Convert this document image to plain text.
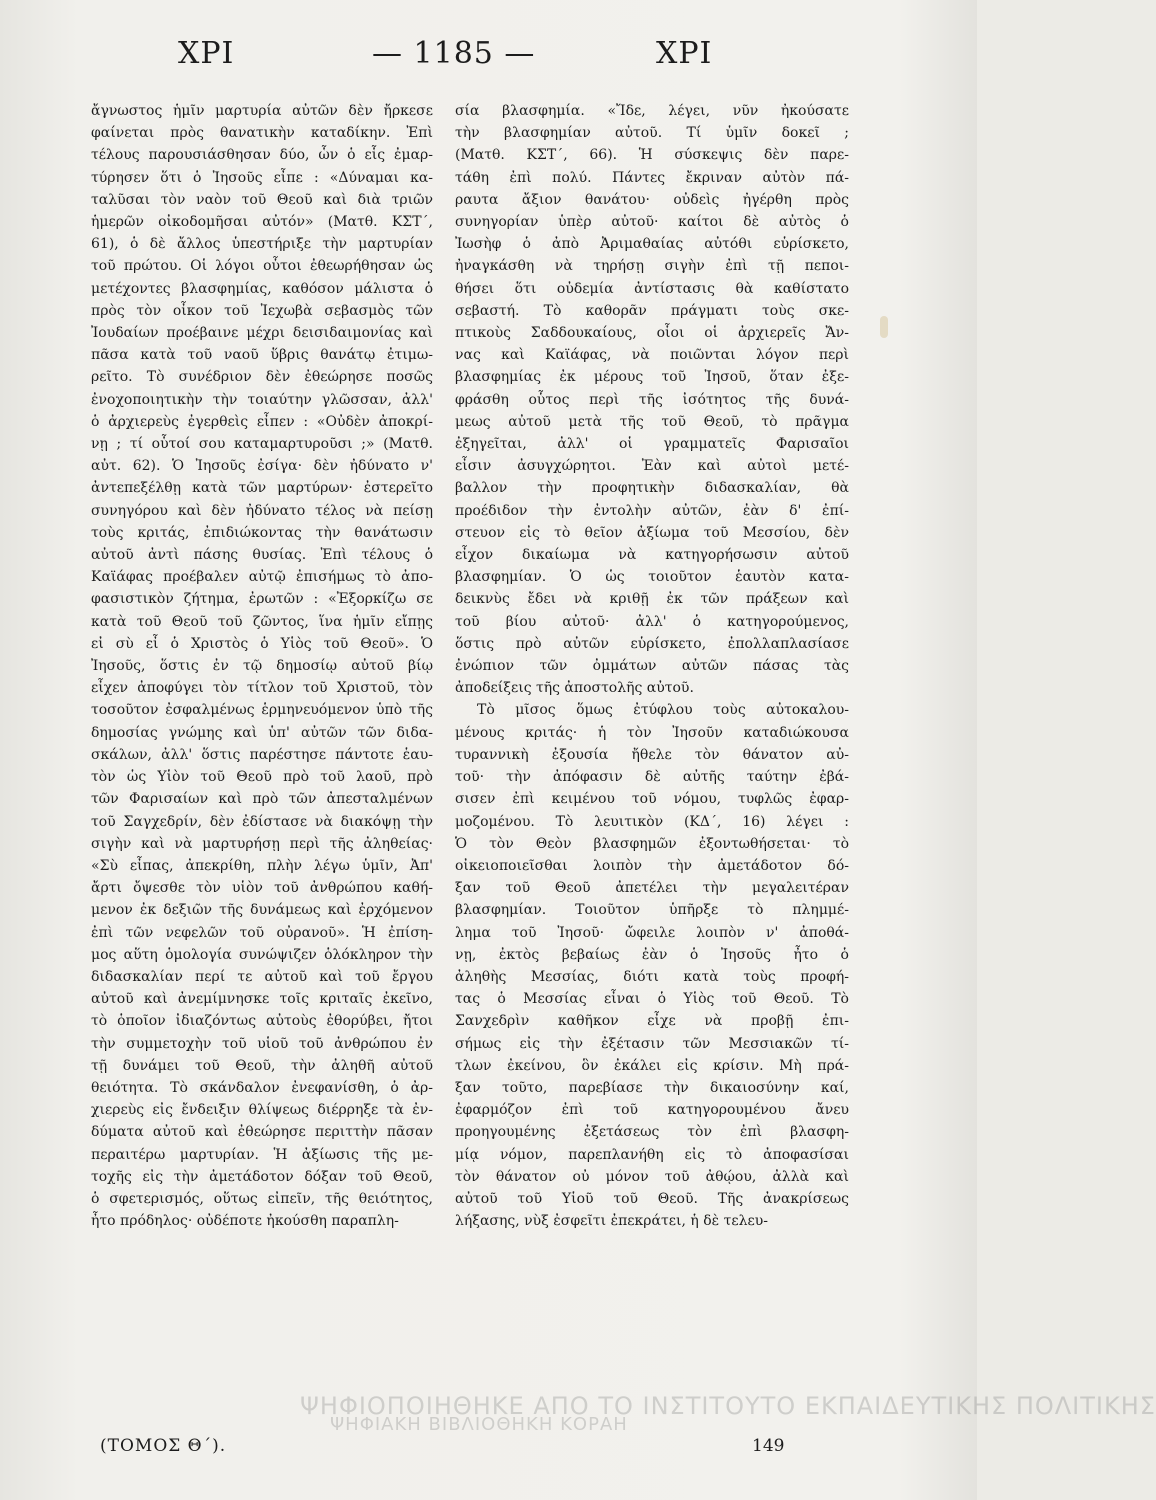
ΧΡΙ	— 1185 —	ΧΡΙ
ἄγνωστος ἡμῖν μαρτυρία αὐτῶν δὲν ἤρκεσε
φαίνεται πρὸς θανατικὴν καταδίκην. Ἐπὶ
τέλους παρουσιάσθησαν δύο, ὧν ὁ εἷς ἐμαρ-
τύρησεν ὅτι ὁ Ἰησοῦς εἶπε : «Δύναμαι κα-
ταλῦσαι τὸν ναὸν τοῦ Θεοῦ καὶ διὰ τριῶν
ἡμερῶν οἰκοδομῆσαι αὐτόν» (Ματθ. ΚΣΤ΄,
61), ὁ δὲ ἄλλος ὑπεστήριξε τὴν μαρτυρίαν
τοῦ πρώτου. Οἱ λόγοι οὗτοι ἐθεωρήθησαν ὡς
μετέχοντες βλασφημίας, καθόσον μάλιστα ὁ
πρὸς τὸν οἶκον τοῦ Ἰεχωβὰ σεβασμὸς τῶν
Ἰουδαίων προέβαινε μέχρι δεισιδαιμονίας καὶ
πᾶσα κατὰ τοῦ ναοῦ ὕβρις θανάτῳ ἐτιμω-
ρεῖτο. Τὸ συνέδριον δὲν ἐθεώρησε ποσῶς
ἐνοχοποιητικὴν τὴν τοιαύτην γλῶσσαν, ἀλλ'
ὁ ἀρχιερεὺς ἐγερθεὶς εἶπεν : «Οὐδὲν ἀποκρί-
νῃ ; τί οὗτοί σου καταμαρτυροῦσι ;» (Ματθ.
αὐτ. 62). Ὁ Ἰησοῦς ἐσίγα· δὲν ἠδύνατο ν'
ἀντεπεξέλθῃ κατὰ τῶν μαρτύρων· ἐστερεῖτο
συνηγόρου καὶ δὲν ἠδύνατο τέλος νὰ πείσῃ
τοὺς κριτάς, ἐπιδιώκοντας τὴν θανάτωσιν
αὐτοῦ ἀντὶ πάσης θυσίας. Ἐπὶ τέλους ὁ
Καϊάφας προέβαλεν αὐτῷ ἐπισήμως τὸ ἀπο-
φασιστικὸν ζήτημα, ἐρωτῶν : «Ἐξορκίζω σε
κατὰ τοῦ Θεοῦ τοῦ ζῶντος, ἵνα ἡμῖν εἴπῃς
εἰ σὺ εἶ ὁ Χριστὸς ὁ Υἱὸς τοῦ Θεοῦ». Ὁ
Ἰησοῦς, ὅστις ἐν τῷ δημοσίῳ αὐτοῦ βίῳ
εἶχεν ἀποφύγει τὸν τίτλον τοῦ Χριστοῦ, τὸν
τοσοῦτον ἐσφαλμένως ἑρμηνευόμενον ὑπὸ τῆς
δημοσίας γνώμης καὶ ὑπ' αὐτῶν τῶν διδα-
σκάλων, ἀλλ' ὅστις παρέστησε πάντοτε ἑαυ-
τὸν ὡς Υἱὸν τοῦ Θεοῦ πρὸ τοῦ λαοῦ, πρὸ
τῶν Φαρισαίων καὶ πρὸ τῶν ἀπεσταλμένων
τοῦ Σαγχεδρίν, δὲν ἐδίστασε νὰ διακόψῃ τὴν
σιγὴν καὶ νὰ μαρτυρήσῃ περὶ τῆς ἀληθείας·
«Σὺ εἶπας, ἀπεκρίθη, πλὴν λέγω ὑμῖν, Ἀπ'
ἄρτι ὄψεσθε τὸν υἱὸν τοῦ ἀνθρώπου καθή-
μενον ἐκ δεξιῶν τῆς δυνάμεως καὶ ἐρχόμενον
ἐπὶ τῶν νεφελῶν τοῦ οὐρανοῦ». Ἡ ἐπίση-
μος αὕτη ὁμολογία συνώψιζεν ὁλόκληρον τὴν
διδασκαλίαν περί τε αὐτοῦ καὶ τοῦ ἔργου
αὐτοῦ καὶ ἀνεμίμνησκε τοῖς κριταῖς ἐκεῖνο,
τὸ ὁποῖον ἰδιαζόντως αὐτοὺς ἐθορύβει, ἤτοι
τὴν συμμετοχὴν τοῦ υἱοῦ τοῦ ἀνθρώπου ἐν
τῇ δυνάμει τοῦ Θεοῦ, τὴν ἀληθῆ αὐτοῦ
θειότητα. Τὸ σκάνδαλον ἐνεφανίσθη, ὁ ἀρ-
χιερεὺς εἰς ἔνδειξιν θλίψεως διέρρηξε τὰ ἐν-
δύματα αὐτοῦ καὶ ἐθεώρησε περιττὴν πᾶσαν
περαιτέρω μαρτυρίαν. Ἡ ἀξίωσις τῆς με-
τοχῆς εἰς τὴν ἀμετάδοτον δόξαν τοῦ Θεοῦ,
ὁ σφετερισμός, οὕτως εἰπεῖν, τῆς θειότητος,
ἦτο πρόδηλος· οὐδέποτε ἠκούσθη παραπλη-

σία βλασφημία. «Ἴδε, λέγει, νῦν ἠκούσατε
τὴν βλασφημίαν αὐτοῦ. Τί ὑμῖν δοκεῖ ;
(Ματθ. ΚΣΤ΄, 66). Ἡ σύσκεψις δὲν παρε-
τάθη ἐπὶ πολύ. Πάντες ἔκριναν αὐτὸν πά-
ραυτα ἄξιον θανάτου· οὐδεὶς ἠγέρθη πρὸς
συνηγορίαν ὑπὲρ αὐτοῦ· καίτοι δὲ αὐτὸς ὁ
Ἰωσὴφ ὁ ἀπὸ Ἀριμαθαίας αὐτόθι εὑρίσκετο,
ἠναγκάσθη νὰ τηρήσῃ σιγὴν ἐπὶ τῇ πεποι-
θήσει ὅτι οὐδεμία ἀντίστασις θὰ καθίστατο
σεβαστή. Τὸ καθορᾶν πράγματι τοὺς σκε-
πτικοὺς Σαδδουκαίους, οἷοι οἱ ἀρχιερεῖς Ἄν-
νας καὶ Καϊάφας, νὰ ποιῶνται λόγον περὶ
βλασφημίας ἐκ μέρους τοῦ Ἰησοῦ, ὅταν ἐξε-
φράσθη οὗτος περὶ τῆς ἰσότητος τῆς δυνά-
μεως αὐτοῦ μετὰ τῆς τοῦ Θεοῦ, τὸ πρᾶγμα
ἐξηγεῖται, ἀλλ' οἱ γραμματεῖς Φαρισαῖοι
εἶσιν ἀσυγχώρητοι. Ἐὰν καὶ αὐτοὶ μετέ-
βαλλον τὴν προφητικὴν διδασκαλίαν, θὰ
προέδιδον τὴν ἐντολὴν αὐτῶν, ἐὰν δ' ἐπί-
στευον εἰς τὸ θεῖον ἀξίωμα τοῦ Μεσσίου, δὲν
εἶχον δικαίωμα νὰ κατηγορήσωσιν αὐτοῦ
βλασφημίαν. Ὁ ὡς τοιοῦτον ἑαυτὸν κατα-
δεικνὺς ἔδει νὰ κριθῇ ἐκ τῶν πράξεων καὶ
τοῦ βίου αὐτοῦ· ἀλλ' ὁ κατηγορούμενος,
ὅστις πρὸ αὐτῶν εὑρίσκετο, ἐπολλαπλασίασε
ἐνώπιον τῶν ὀμμάτων αὐτῶν πάσας τὰς
ἀποδείξεις τῆς ἀποστολῆς αὐτοῦ.

Τὸ μῖσος ὅμως ἐτύφλου τοὺς αὐτοκαλου-
μένους κριτάς· ἡ τὸν Ἰησοῦν καταδιώκουσα
τυραννικὴ ἐξουσία ἤθελε τὸν θάνατον αὐ-
τοῦ· τὴν ἀπόφασιν δὲ αὐτῆς ταύτην ἐβά-
σισεν ἐπὶ κειμένου τοῦ νόμου, τυφλῶς ἐφαρ-
μοζομένου. Τὸ λευιτικὸν (ΚΔ΄, 16) λέγει :
Ὁ τὸν Θεὸν βλασφημῶν ἐξοντωθήσεται· τὸ
οἰκειοποιεῖσθαι λοιπὸν τὴν ἀμετάδοτον δό-
ξαν τοῦ Θεοῦ ἀπετέλει τὴν μεγαλειτέραν
βλασφημίαν. Τοιοῦτον ὑπῆρξε τὸ πλημμέ-
λημα τοῦ Ἰησοῦ· ὤφειλε λοιπὸν ν' ἀποθά-
νῃ, ἐκτὸς βεβαίως ἐὰν ὁ Ἰησοῦς ἦτο ὁ
ἀληθὴς Μεσσίας, διότι κατὰ τοὺς προφή-
τας ὁ Μεσσίας εἶναι ὁ Υἱὸς τοῦ Θεοῦ. Τὸ
Σανχεδρὶν καθῆκον εἶχε νὰ προβῇ ἐπι-
σήμως εἰς τὴν ἐξέτασιν τῶν Μεσσιακῶν τί-
τλων ἐκείνου, ὃν ἐκάλει εἰς κρίσιν. Μὴ πρά-
ξαν τοῦτο, παρεβίασε τὴν δικαιοσύνην καί,
ἐφαρμόζον ἐπὶ τοῦ κατηγορουμένου ἄνευ
προηγουμένης ἐξετάσεως τὸν ἐπὶ βλασφη-
μίᾳ νόμον, παρεπλανήθη εἰς τὸ ἀποφασίσαι
τὸν θάνατον οὐ μόνον τοῦ ἀθῴου, ἀλλὰ καὶ
αὐτοῦ τοῦ Υἱοῦ τοῦ Θεοῦ. Τῆς ἀνακρίσεως
λήξασης, νὺξ ἐσφεῖτι ἐπεκράτει, ἡ δὲ τελευ-

ΨΗΦΙΟΠΟΙΗΘΗΚΕ ΑΠΟ ΤΟ ΙΝΣΤΙΤΟΥΤΟ ΕΚΠΑΙΔΕΥΤΙΚΗΣ ΠΟΛΙΤΙΚΗΣ
ΨΗΦΙΑΚΗ ΒΙΒΛΙΟΘΗΚΗ ΚΟΡΑΗ
(ΤΟΜΟΣ Θ΄).	149
